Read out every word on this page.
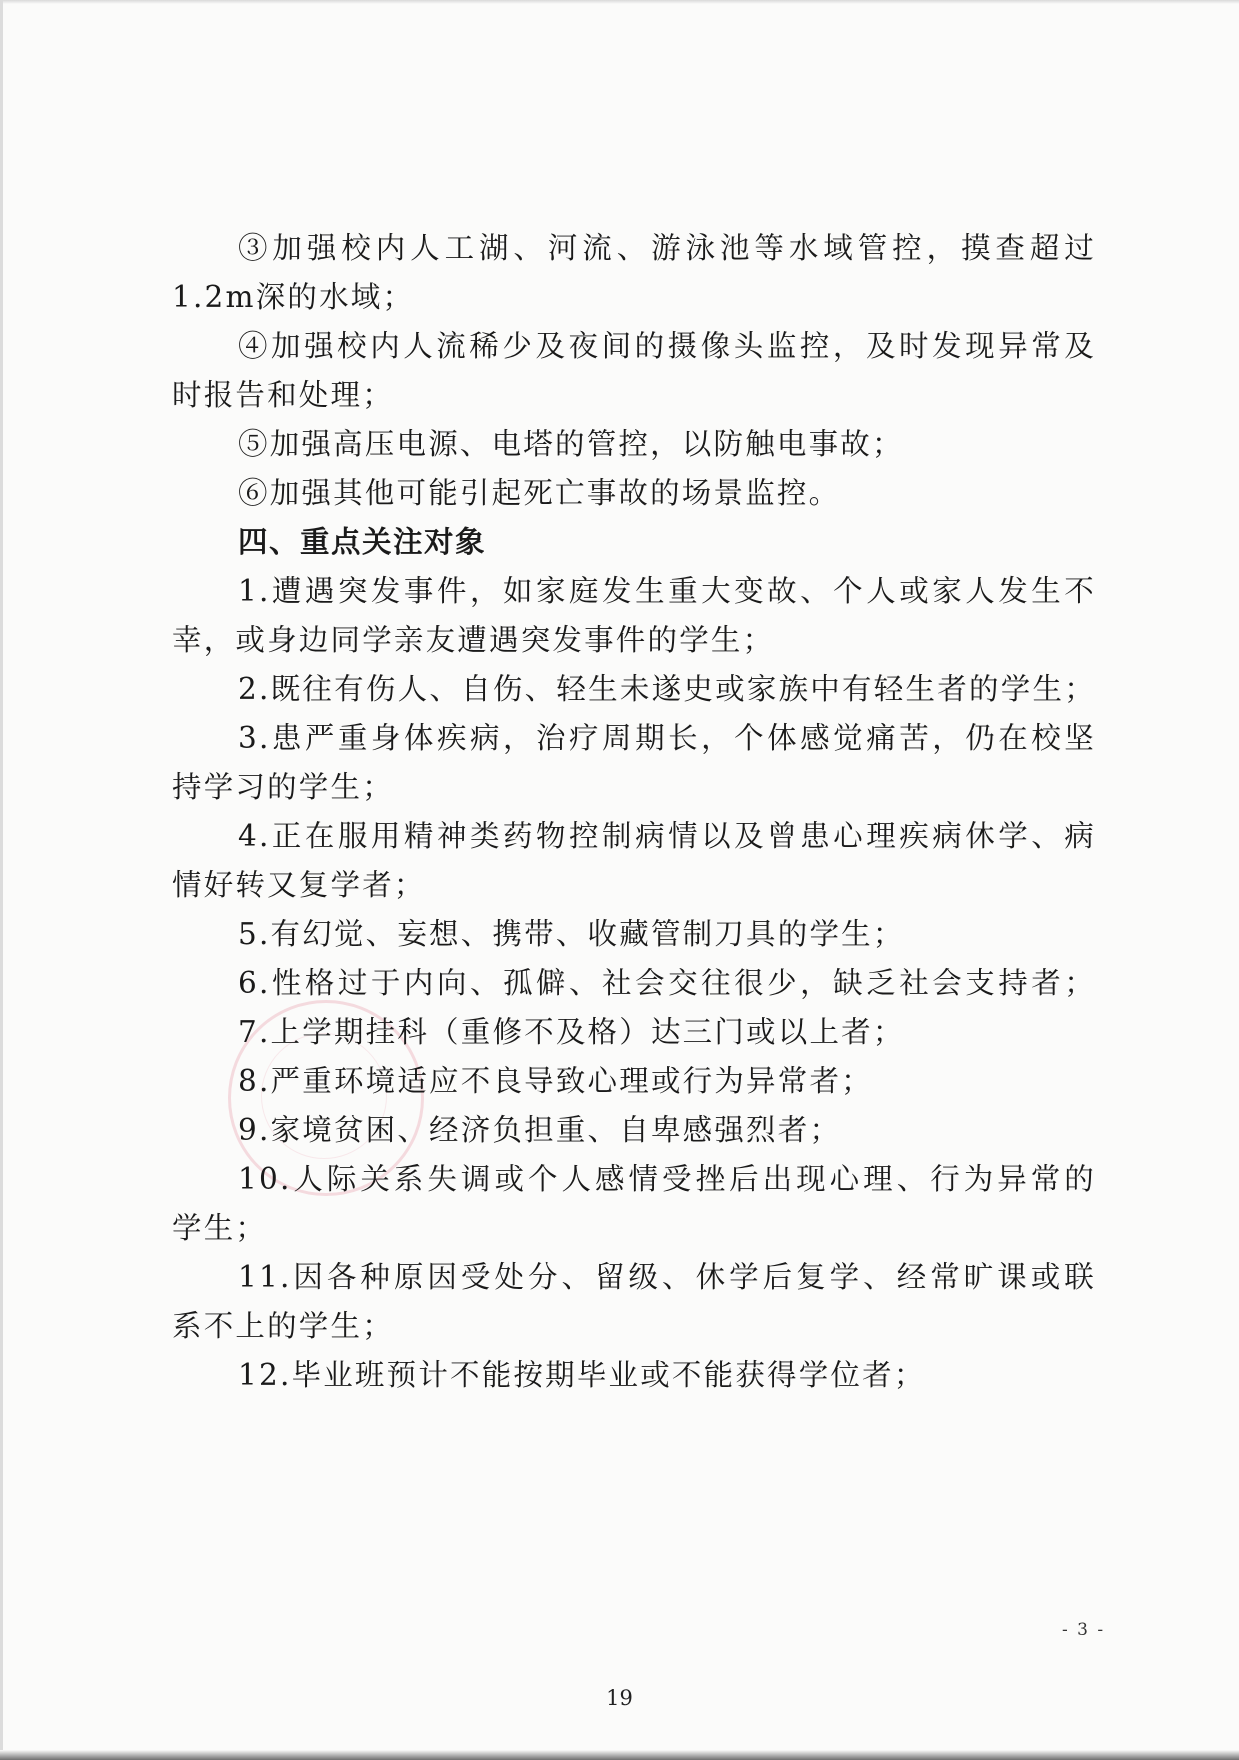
③加强校内人工湖、河流、游泳池等水域管控，摸查超过
1.2m深的水域；
④加强校内人流稀少及夜间的摄像头监控，及时发现异常及
时报告和处理；
⑤加强高压电源、电塔的管控，以防触电事故；
⑥加强其他可能引起死亡事故的场景监控。
四、重点关注对象
1.遭遇突发事件，如家庭发生重大变故、个人或家人发生不
幸，或身边同学亲友遭遇突发事件的学生；
2.既往有伤人、自伤、轻生未遂史或家族中有轻生者的学生；
3.患严重身体疾病，治疗周期长，个体感觉痛苦，仍在校坚
持学习的学生；
4.正在服用精神类药物控制病情以及曾患心理疾病休学、病
情好转又复学者；
5.有幻觉、妄想、携带、收藏管制刀具的学生；
6.性格过于内向、孤僻、社会交往很少，缺乏社会支持者；
7.上学期挂科（重修不及格）达三门或以上者；
8.严重环境适应不良导致心理或行为异常者；
9.家境贫困、经济负担重、自卑感强烈者；
10.人际关系失调或个人感情受挫后出现心理、行为异常的
学生；
11.因各种原因受处分、留级、休学后复学、经常旷课或联
系不上的学生；
12.毕业班预计不能按期毕业或不能获得学位者；
- 3 -
19
